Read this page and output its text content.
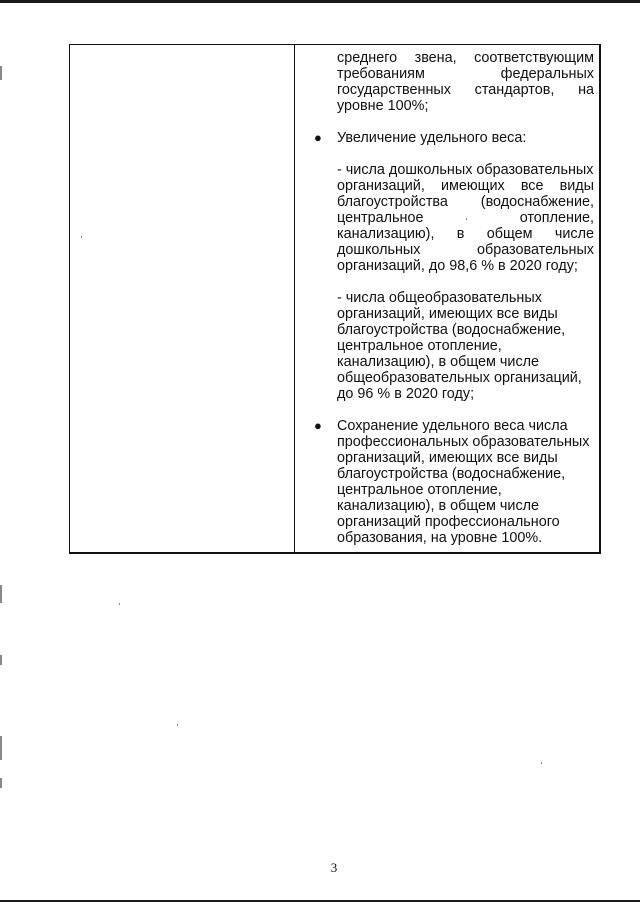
среднего звена, соответствующим
требованиям	федеральных
государственных стандартов, на
уровне 100%;
● Увеличение удельного веса:
- числа дошкольных образовательных
организаций, имеющих все виды
благоустройства (водоснабжение,
центральное	отопление,
канализацию), в общем числе
дошкольных	образовательных
организаций, до 98,6 % в 2020 году;
- числа общеобразовательных
организаций, имеющих все виды
благоустройства (водоснабжение,
центральное отопление,
канализацию), в общем числе
общеобразовательных организаций,
до 96 % в 2020 году;
● Сохранение удельного веса числа
профессиональных образовательных
организаций, имеющих все виды
благоустройства (водоснабжение,
центральное отопление,
канализацию), в общем числе
организаций профессионального
образования, на уровне 100%.
3
